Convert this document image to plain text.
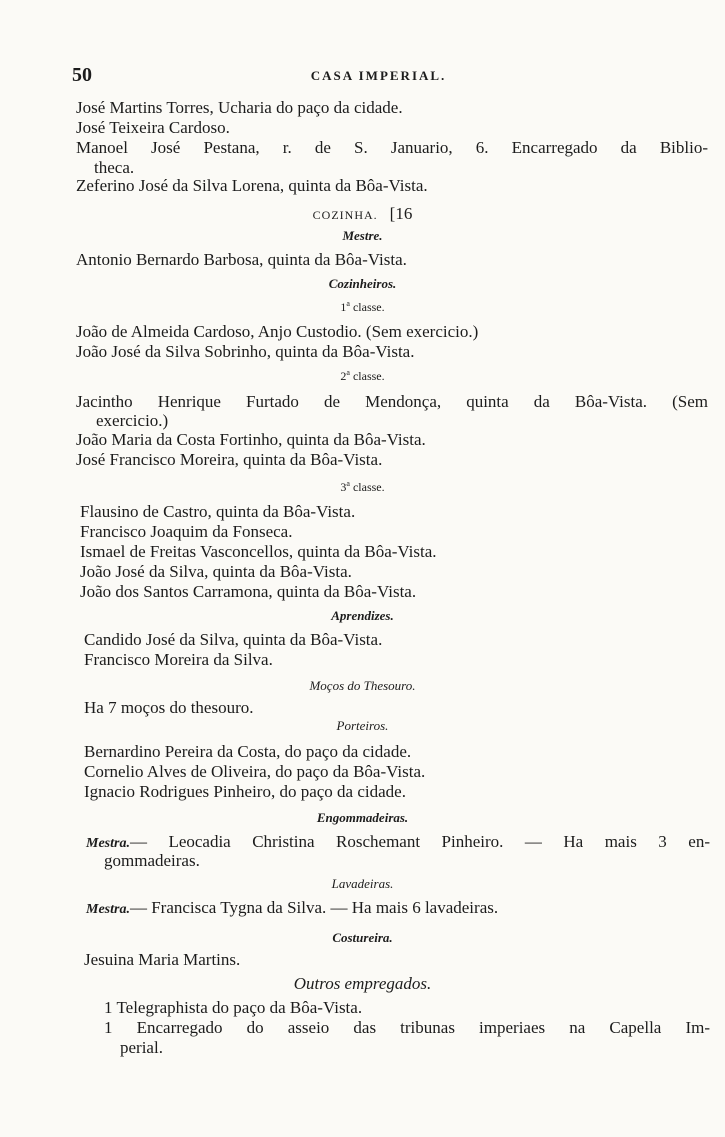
50	CASA IMPERIAL.
José Martins Torres, Ucharia do paço da cidade.
José Teixeira Cardoso.
Manoel José Pestana, r. de S. Januario, 6. Encarregado da Biblio-
theca.
Zeferino José da Silva Lorena, quinta da Bôa-Vista.
COZINHA. [16
Mestre.
Antonio Bernardo Barbosa, quinta da Bôa-Vista.
Cozinheiros.
1$^a$ classe.
João de Almeida Cardoso, Anjo Custodio. (Sem exercicio.)
João José da Silva Sobrinho, quinta da Bôa-Vista.
2$^a$ classe.
Jacintho Henrique Furtado de Mendonça, quinta da Bôa-Vista. (Sem
exercicio.)
João Maria da Costa Fortinho, quinta da Bôa-Vista.
José Francisco Moreira, quinta da Bôa-Vista.
3$^a$ classe.
Flausino de Castro, quinta da Bôa-Vista.
Francisco Joaquim da Fonseca.
Ismael de Freitas Vasconcellos, quinta da Bôa-Vista.
João José da Silva, quinta da Bôa-Vista.
João dos Santos Carramona, quinta da Bôa-Vista.
Aprendizes.
Candido José da Silva, quinta da Bôa-Vista.
Francisco Moreira da Silva.
Moços do Thesouro.
Ha 7 moços do thesouro.
Porteiros.
Bernardino Pereira da Costa, do paço da cidade.
Cornelio Alves de Oliveira, do paço da Bôa-Vista.
Ignacio Rodrigues Pinheiro, do paço da cidade.
Engommadeiras.
Mestra.— Leocadia Christina Roschemant Pinheiro. — Ha mais 3 en-
gommadeiras.
Lavadeiras.
Mestra.— Francisca Tygna da Silva. — Ha mais 6 lavadeiras.
Costureira.
Jesuina Maria Martins.
Outros empregados.
1 Telegraphista do paço da Bôa-Vista.
1 Encarregado do asseio das tribunas imperiaes na Capella Im-
perial.
